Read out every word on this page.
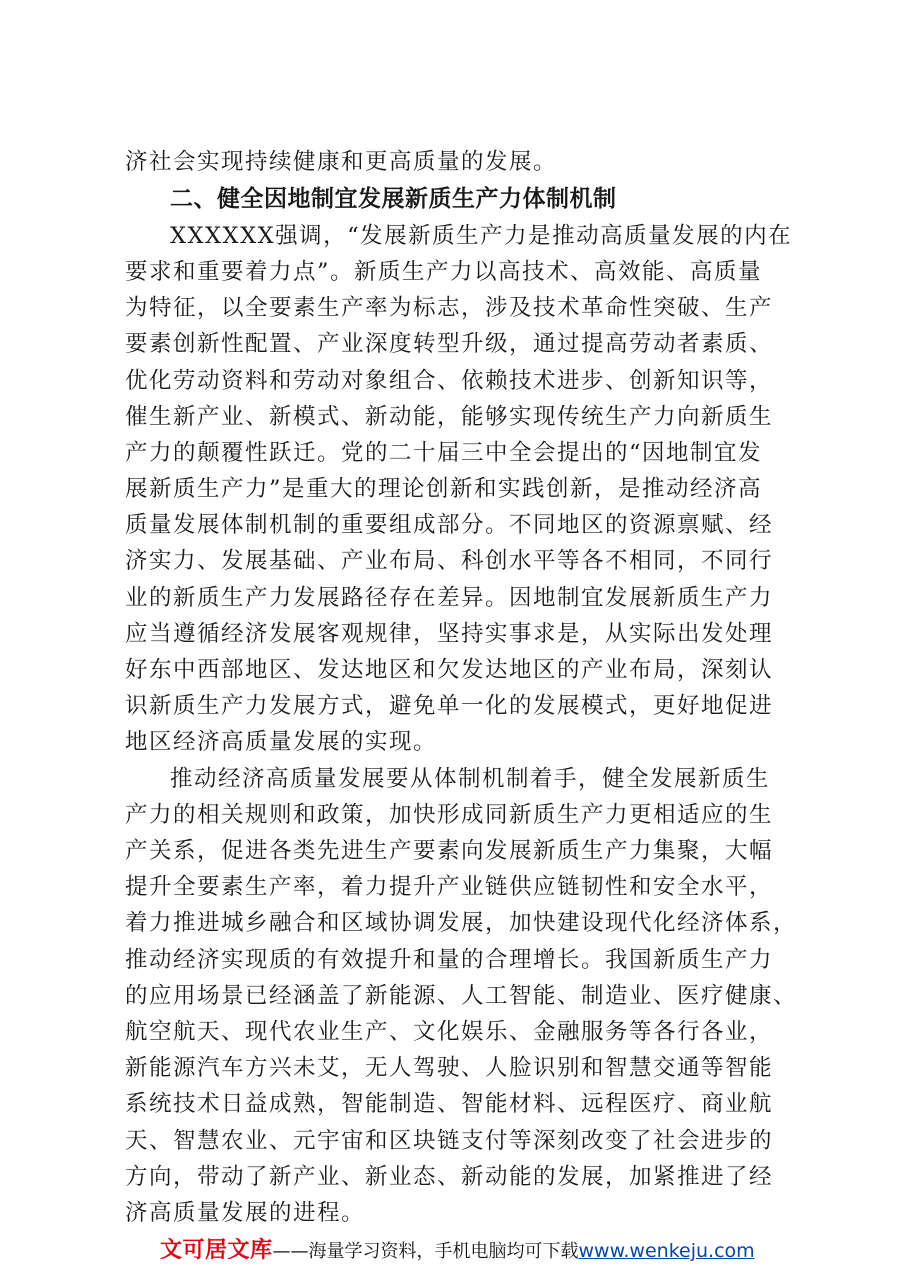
济社会实现持续健康和更高质量的发展。

二、健全因地制宜发展新质生产力体制机制

XXXXXX强调，“发展新质生产力是推动高质量发展的内在

要求和重要着力点”。新质生产力以高技术、高效能、高质量

为特征，以全要素生产率为标志，涉及技术革命性突破、生产

要素创新性配置、产业深度转型升级，通过提高劳动者素质、

优化劳动资料和劳动对象组合、依赖技术进步、创新知识等，

催生新产业、新模式、新动能，能够实现传统生产力向新质生

产力的颠覆性跃迁。党的二十届三中全会提出的“因地制宜发

展新质生产力”是重大的理论创新和实践创新，是推动经济高

质量发展体制机制的重要组成部分。不同地区的资源禀赋、经

济实力、发展基础、产业布局、科创水平等各不相同，不同行

业的新质生产力发展路径存在差异。因地制宜发展新质生产力

应当遵循经济发展客观规律，坚持实事求是，从实际出发处理

好东中西部地区、发达地区和欠发达地区的产业布局，深刻认

识新质生产力发展方式，避免单一化的发展模式，更好地促进

地区经济高质量发展的实现。

推动经济高质量发展要从体制机制着手，健全发展新质生

产力的相关规则和政策，加快形成同新质生产力更相适应的生

产关系，促进各类先进生产要素向发展新质生产力集聚，大幅

提升全要素生产率，着力提升产业链供应链韧性和安全水平，

着力推进城乡融合和区域协调发展，加快建设现代化经济体系，

推动经济实现质的有效提升和量的合理增长。我国新质生产力

的应用场景已经涵盖了新能源、人工智能、制造业、医疗健康、

航空航天、现代农业生产、文化娱乐、金融服务等各行各业，

新能源汽车方兴未艾，无人驾驶、人脸识别和智慧交通等智能

系统技术日益成熟，智能制造、智能材料、远程医疗、商业航

天、智慧农业、元宇宙和区块链支付等深刻改变了社会进步的

方向，带动了新产业、新业态、新动能的发展，加紧推进了经

济高质量发展的进程。

文可居文库——海量学习资料，手机电脑均可下载www.wenkeju.com
